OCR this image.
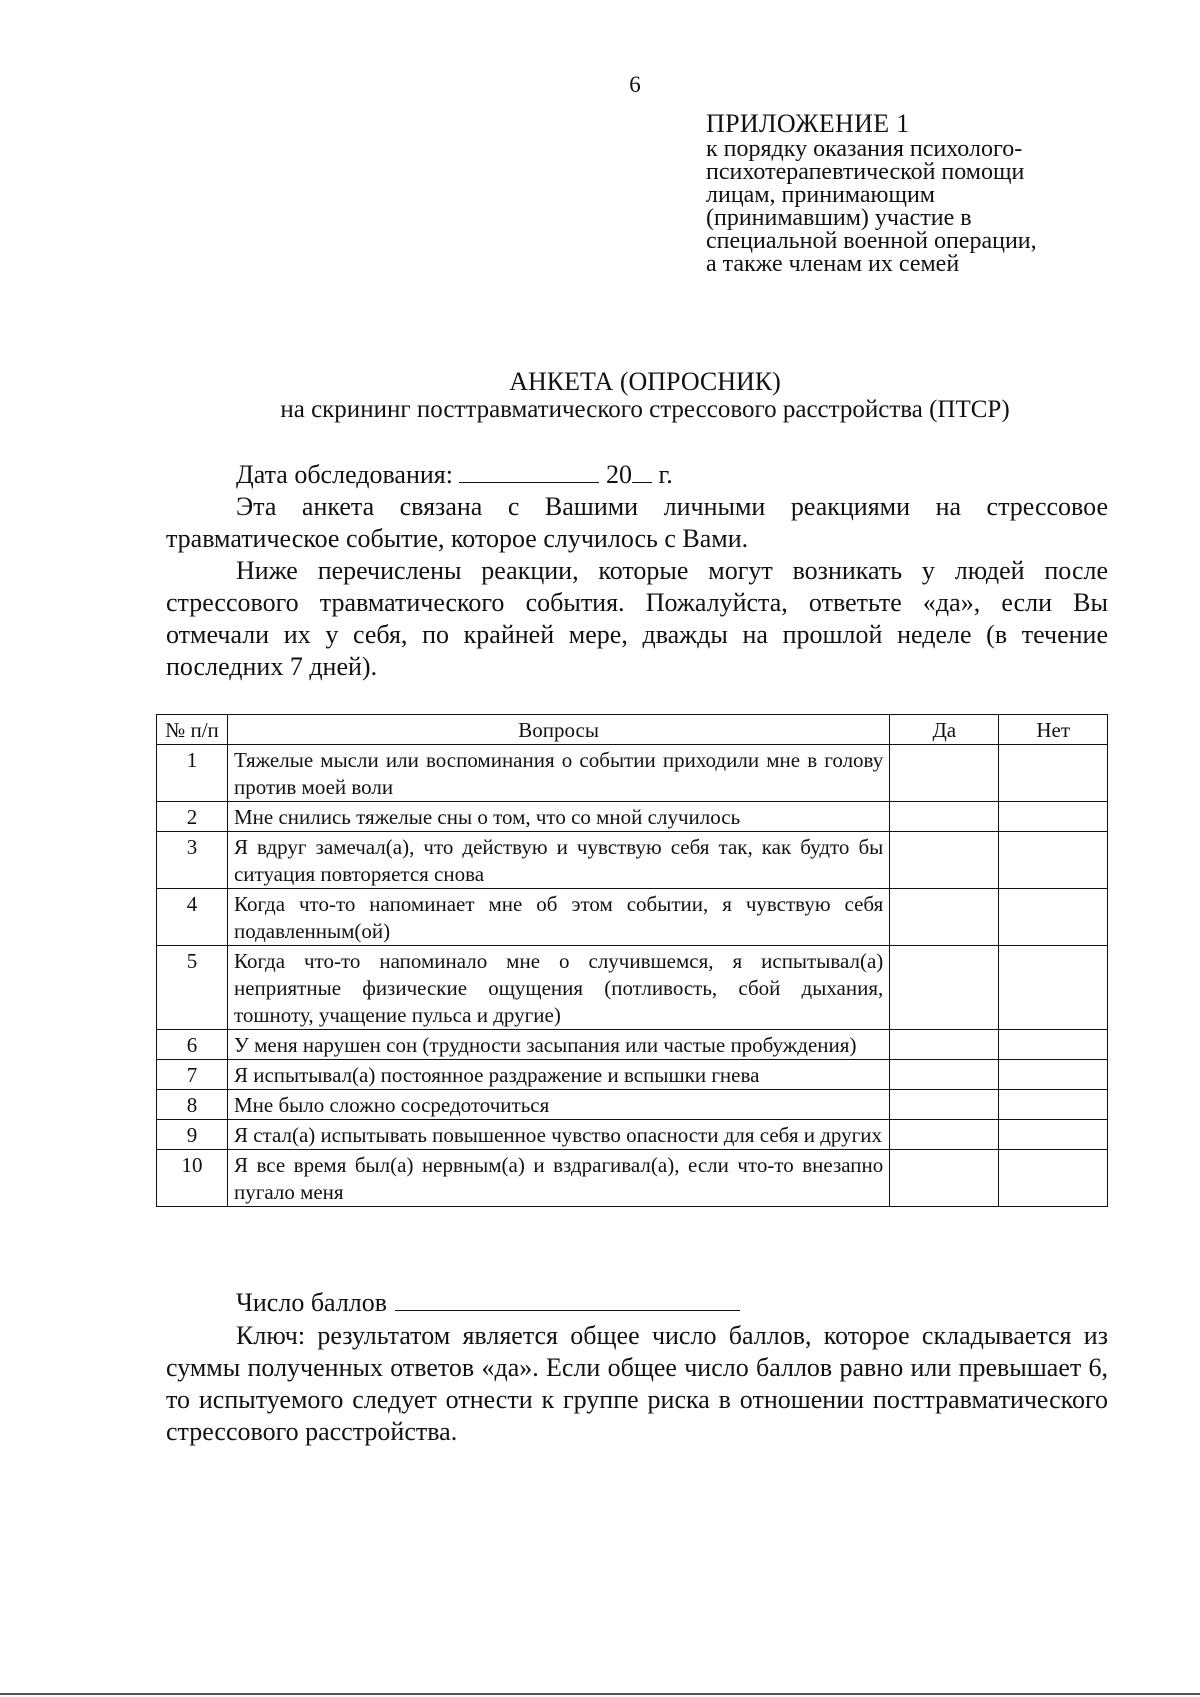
6
ПРИЛОЖЕНИЕ 1
к порядку оказания психолого-
психотерапевтической помощи
лицам, принимающим
(принимавшим) участие в
специальной военной операции,
а также членам их семей
АНКЕТА (ОПРОСНИК)
на скрининг посттравматического стрессового расстройства (ПТСР)

Дата обследования:	20 г.

Эта анкета связана с Вашими личными реакциями на стрессовое травматическое событие, которое случилось с Вами.

Ниже перечислены реакции, которые могут возникать у людей после стрессового травматического события. Пожалуйста, ответьте «да», если Вы отмечали их у себя, по крайней мере, дважды на прошлой неделе (в течение последних 7 дней).

№ п/п	Вопросы	Да	Нет
1	Тяжелые мысли или воспоминания о событии приходили мне в голову против моей воли		
2	Мне снились тяжелые сны о том, что со мной случилось		
3	Я вдруг замечал(а), что действую и чувствую себя так, как будто бы ситуация повторяется снова		
4	Когда что-то напоминает мне об этом событии, я чувствую себя подавленным(ой)		
5	Когда что-то напоминало мне о случившемся, я испытывал(а) неприятные физические ощущения (потливость, сбой дыхания, тошноту, учащение пульса и другие)		
6	У меня нарушен сон (трудности засыпания или частые пробуждения)		
7	Я испытывал(а) постоянное раздражение и вспышки гнева		
8	Мне было сложно сосредоточиться		
9	Я стал(а) испытывать повышенное чувство опасности для себя и других		
10	Я все время был(а) нервным(а) и вздрагивал(а), если что-то внезапно пугало меня		
Число баллов

Ключ: результатом является общее число баллов, которое складывается из суммы полученных ответов «да». Если общее число баллов равно или превышает 6, то испытуемого следует отнести к группе риска в отношении посттравматического стрессового расстройства.
